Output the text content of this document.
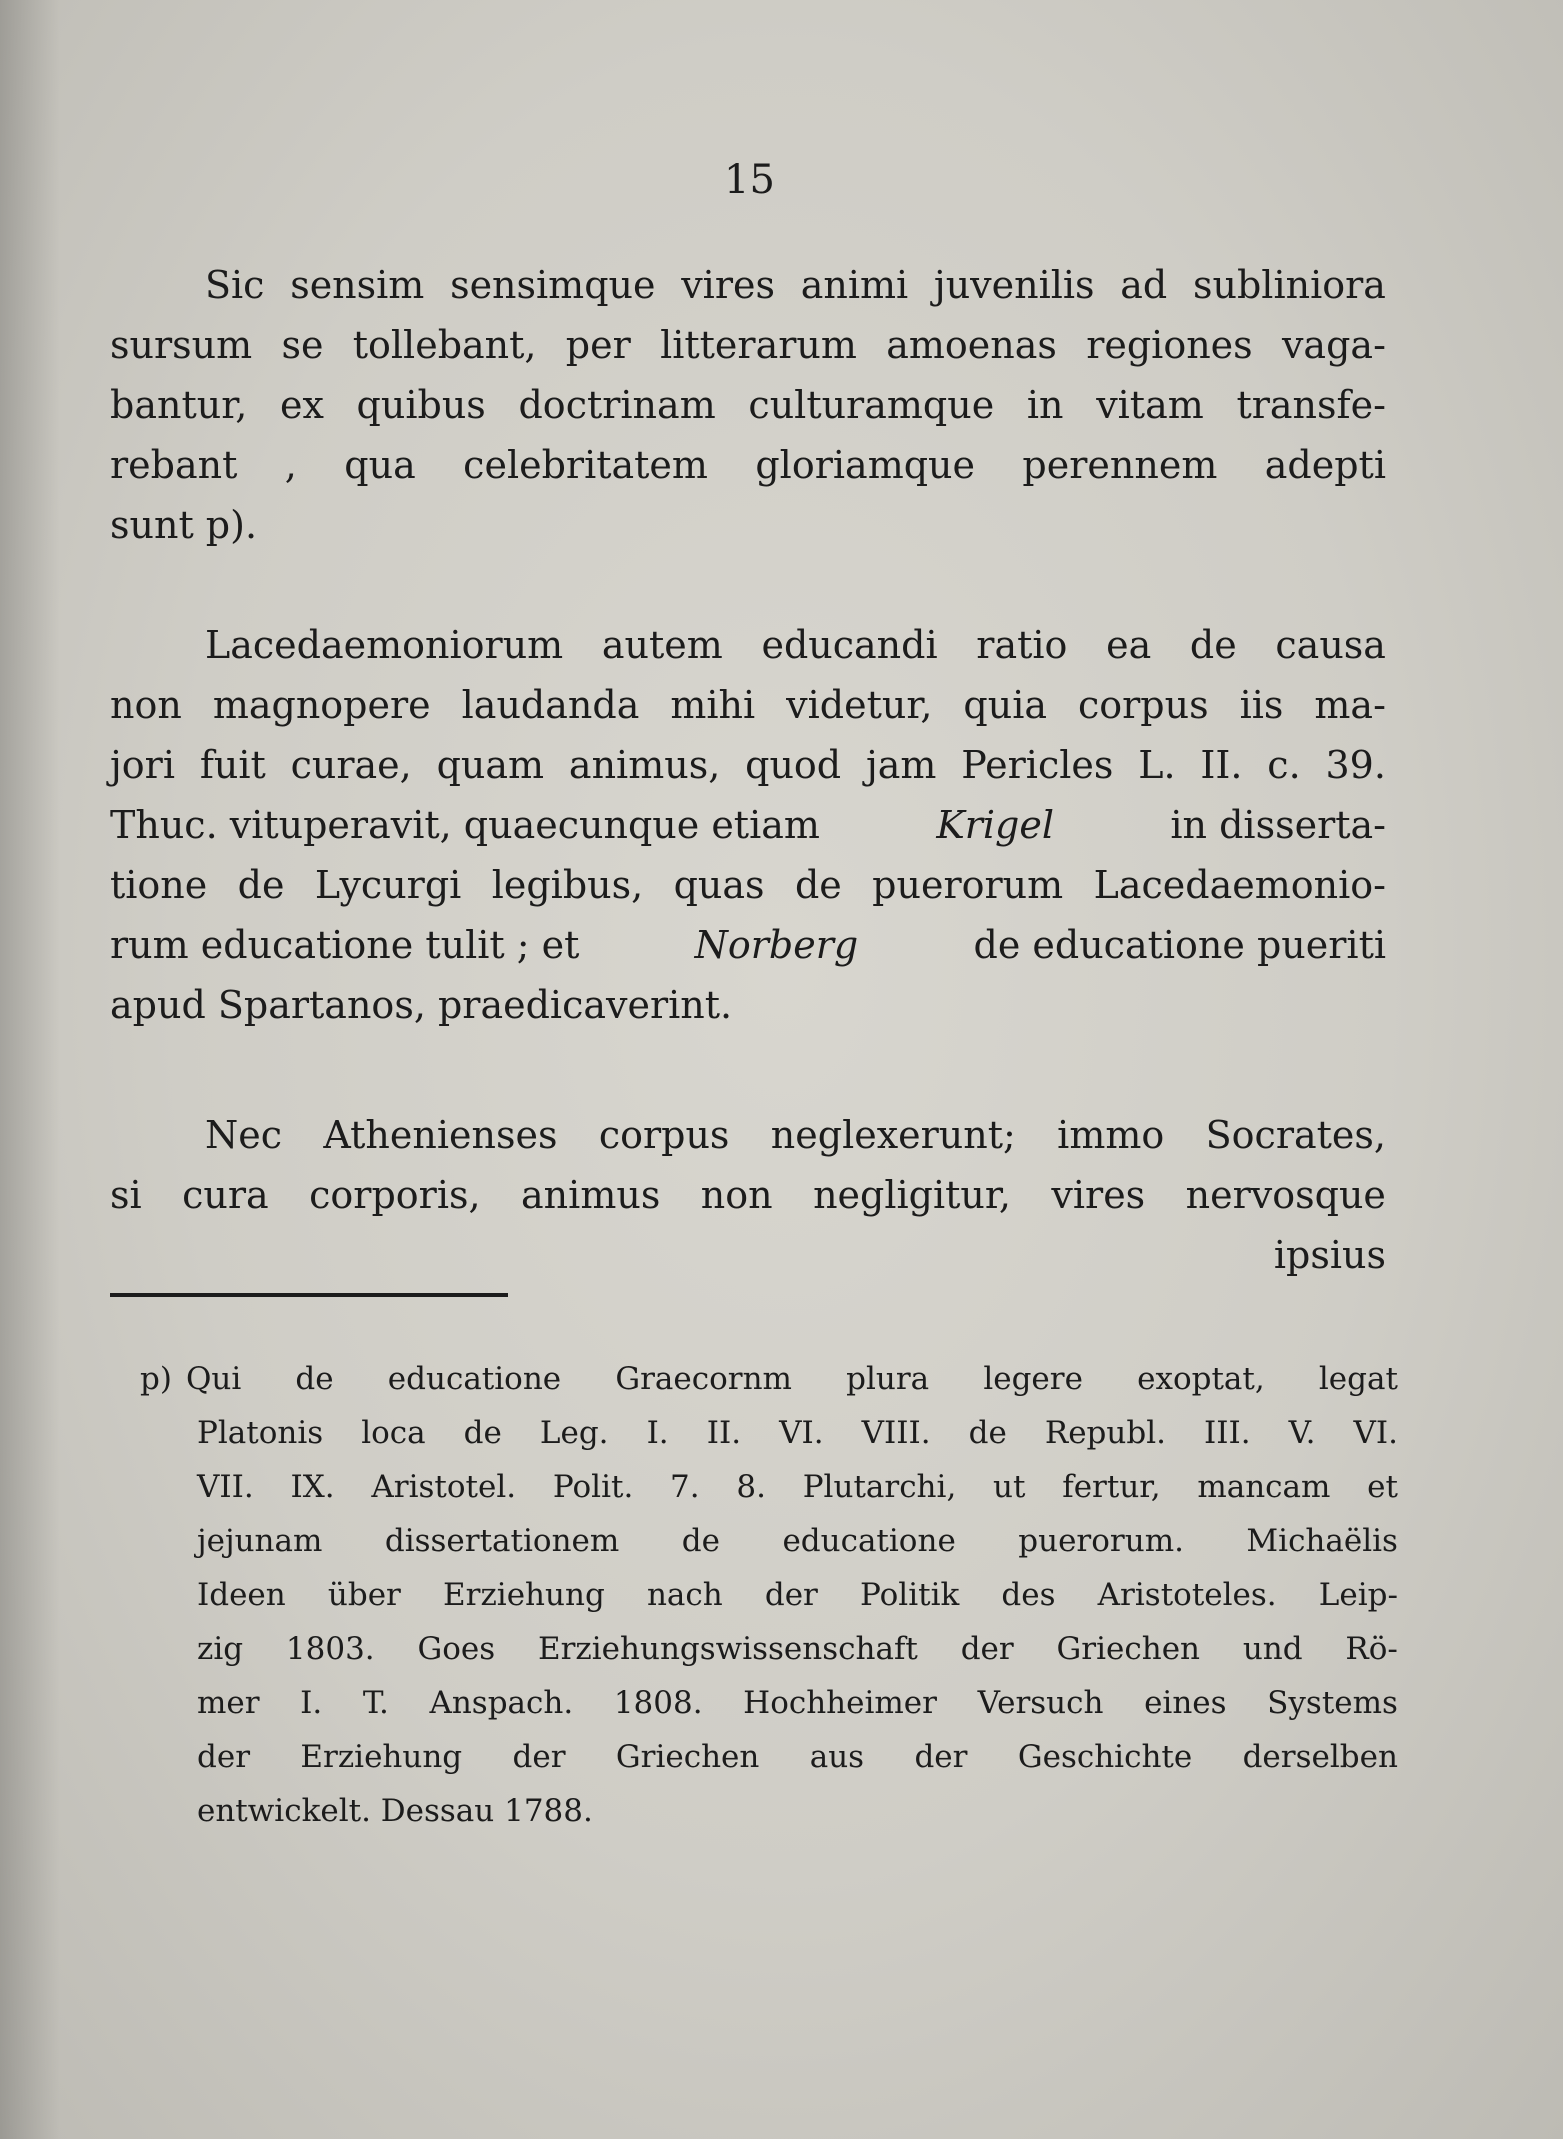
15
Sic sensim sensimque vires animi juvenilis ad subliniora
sursum se tollebant, per litterarum amoenas regiones vaga-
bantur, ex quibus doctrinam culturamque in vitam transfe-
rebant , qua celebritatem gloriamque perennem adepti
sunt p).
Lacedaemoniorum autem educandi ratio ea de causa
non magnopere laudanda mihi videtur, quia corpus iis ma-
jori fuit curae, quam animus, quod jam Pericles L. II. c. 39.
Thuc. vituperavit, quaecunque etiam	Krigel	in disserta-
tione de Lycurgi legibus, quas de puerorum Lacedaemonio-
rum educatione tulit ; et	Norberg	de educatione pueriti
apud Spartanos, praedicaverint.
Nec Athenienses corpus neglexerunt; immo Socrates,
si cura corporis, animus non negligitur, vires nervosque
ipsius
p) Qui de educatione Graecornm plura legere exoptat, legat
Platonis loca de Leg. I. II. VI. VIII. de Republ. III. V. VI.
VII. IX. Aristotel. Polit. 7. 8. Plutarchi, ut fertur, mancam et
jejunam dissertationem de educatione puerorum. Michaëlis
Ideen über Erziehung nach der Politik des Aristoteles. Leip-
zig 1803. Goes Erziehungswissenschaft der Griechen und Rö-
mer I. T. Anspach. 1808. Hochheimer Versuch eines Systems
der Erziehung der Griechen aus der Geschichte derselben
entwickelt. Dessau 1788.
